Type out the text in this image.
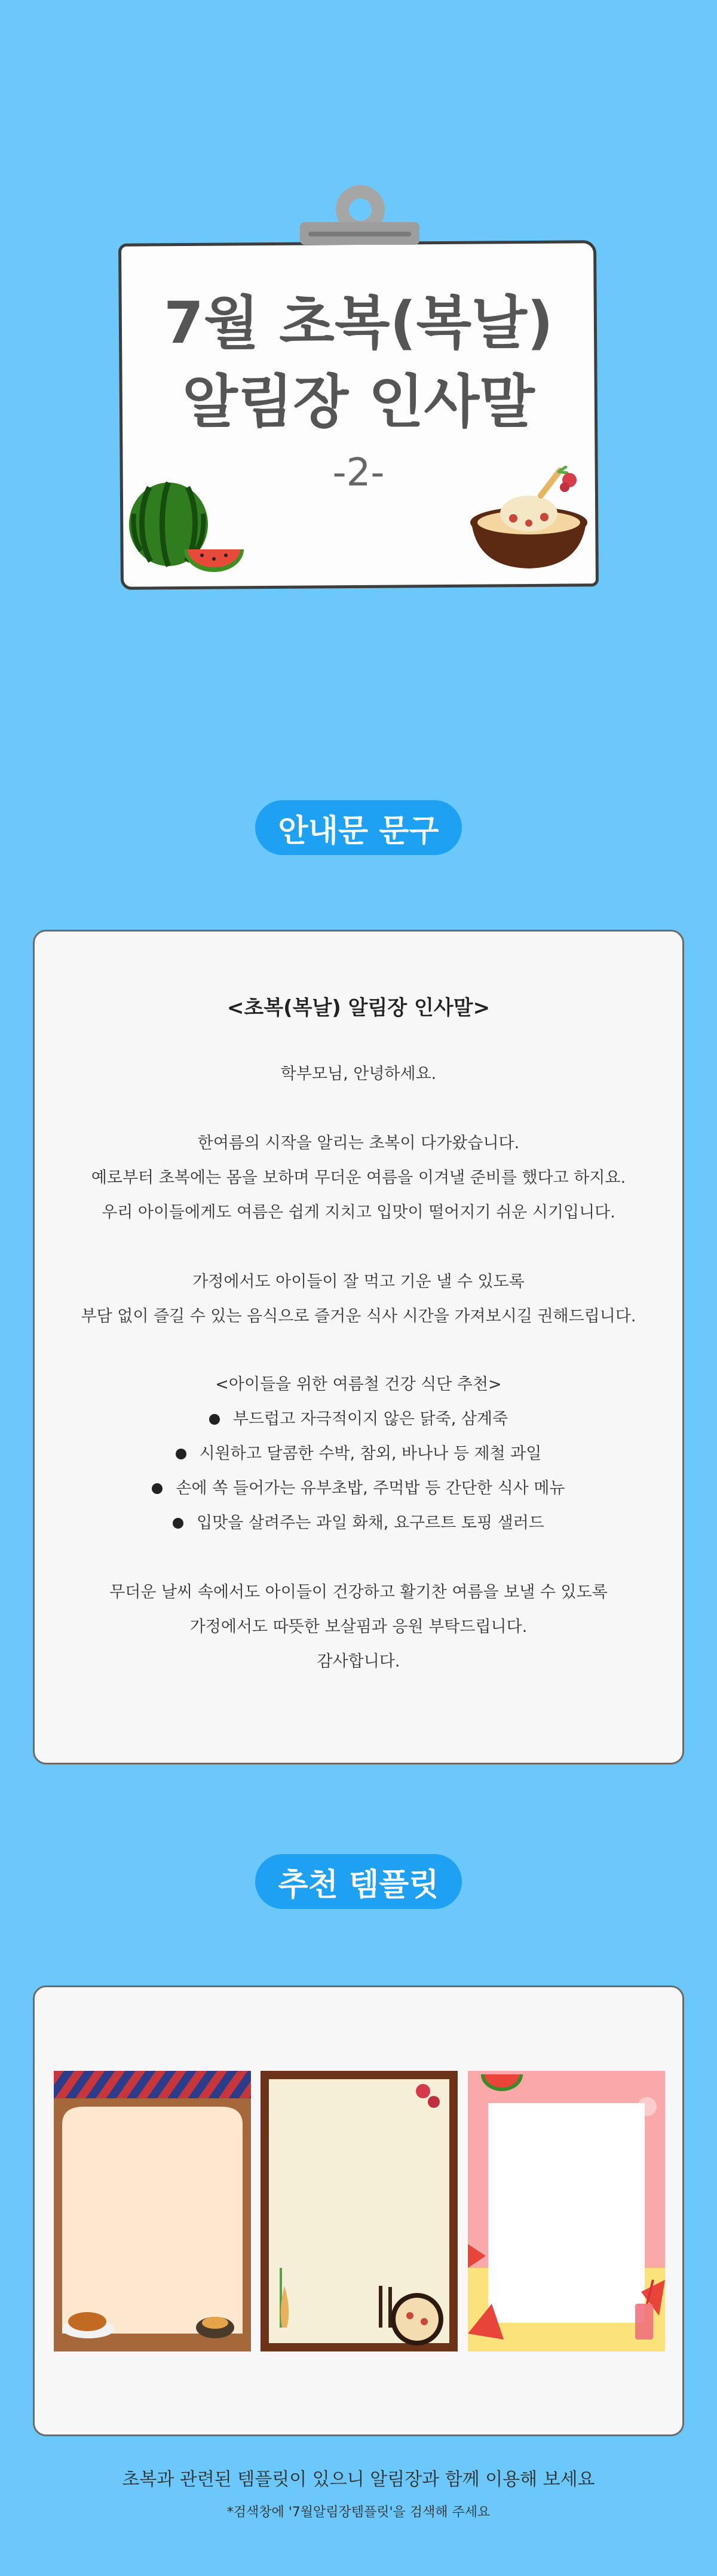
7월 초복(복날)
알림장 인사말
-2-
안내문 문구
<초복(복날) 알림장 인사말>
학부모님, 안녕하세요.
한여름의 시작을 알리는 초복이 다가왔습니다.
예로부터 초복에는 몸을 보하며 무더운 여름을 이겨낼 준비를 했다고 하지요.
우리 아이들에게도 여름은 쉽게 지치고 입맛이 떨어지기 쉬운 시기입니다.
가정에서도 아이들이 잘 먹고 기운 낼 수 있도록
부담 없이 즐길 수 있는 음식으로 즐거운 식사 시간을 가져보시길 권해드립니다.
<아이들을 위한 여름철 건강 식단 추천>
부드럽고 자극적이지 않은 닭죽, 삼계죽
시원하고 달콤한 수박, 참외, 바나나 등 제철 과일
손에 쏙 들어가는 유부초밥, 주먹밥 등 간단한 식사 메뉴
입맛을 살려주는 과일 화채, 요구르트 토핑 샐러드
무더운 날씨 속에서도 아이들이 건강하고 활기찬 여름을 보낼 수 있도록
가정에서도 따뜻한 보살핌과 응원 부탁드립니다.
감사합니다.
추천 템플릿
초복과 관련된 템플릿이 있으니 알림장과 함께 이용해 보세요
*검색창에 '7월알림장템플릿'을 검색해 주세요
